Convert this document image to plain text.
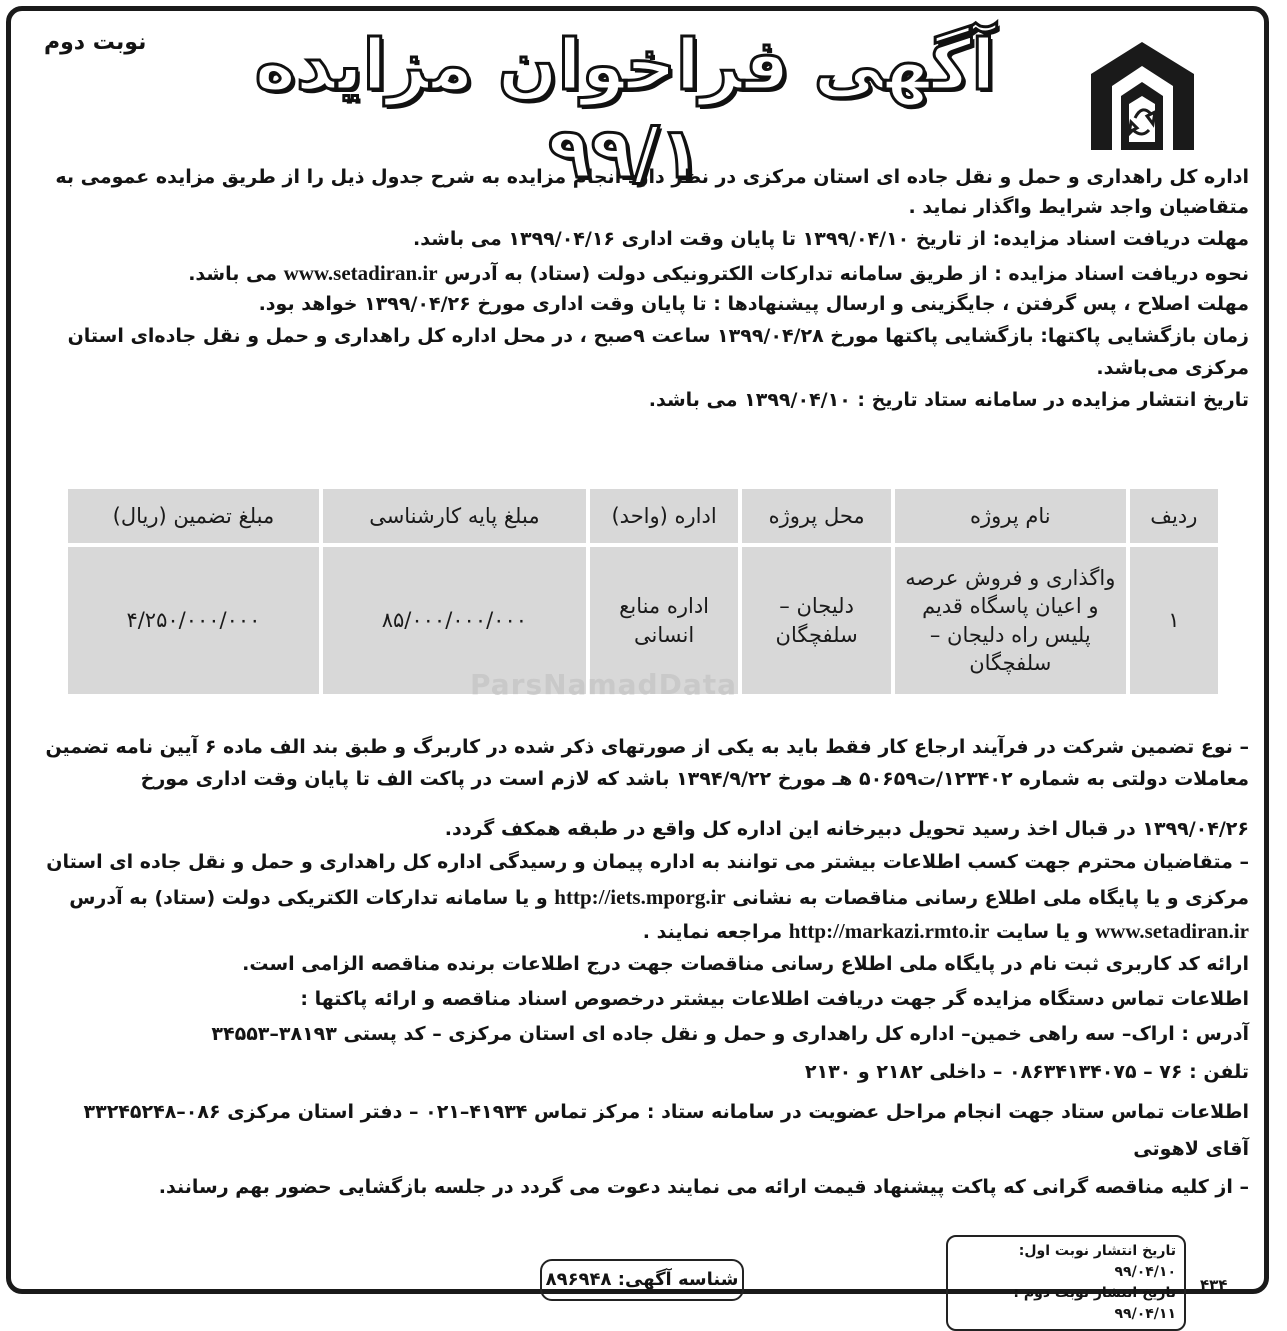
نوبت دوم	آگهی فراخوان مزایده ۹۹/۱
اداره کل راهداری و حمل و نقل جاده ای استان مرکزی در نظر دارد انجام مزایده به شرح جدول ذیل را از طریق مزایده عمومی به
متقاضیان واجد شرایط واگذار نماید .
مهلت دریافت اسناد مزایده: از تاریخ ۱۳۹۹/۰۴/۱۰ تا پایان وقت اداری ۱۳۹۹/۰۴/۱۶ می باشد.
نحوه دریافت اسناد مزایده : از طریق سامانه تدارکات الکترونیکی دولت (ستاد) به آدرس www.setadiran.ir می باشد.
مهلت اصلاح ، پس گرفتن ، جایگزینی و ارسال پیشنهادها : تا پایان وقت اداری مورخ ۱۳۹۹/۰۴/۲۶ خواهد بود.
زمان بازگشایی پاکتها: بازگشایی پاکتها مورخ ۱۳۹۹/۰۴/۲۸ ساعت ۹صبح ، در محل اداره کل راهداری و حمل و نقل جاده‌ای استان
مرکزی می‌باشد.
تاریخ انتشار مزایده در سامانه ستاد تاریخ : ۱۳۹۹/۰۴/۱۰ می باشد.
ردیف	نام پروژه	محل پروژه	اداره (واحد)	مبلغ پایه کارشناسی	مبلغ تضمین (ریال)
۱	واگذاری و فروش عرصه و اعیان پاسگاه قدیم پلیس راه دلیجان – سلفچگان	دلیجان – سلفچگان	اداره منابع انسانی	۸۵/۰۰۰/۰۰۰/۰۰۰	۴/۲۵۰/۰۰۰/۰۰۰
ParsNamadData
– نوع تضمین شرکت در فرآیند ارجاع کار فقط باید به یکی از صورتهای ذکر شده در کاربرگ و طبق بند الف ماده ۶ آیین نامه تضمین
معاملات دولتی به شماره ۱۲۳۴۰۲/ت۵۰۶۵۹ هـ مورخ ۱۳۹۴/۹/۲۲ باشد که لازم است در پاکت الف تا پایان وقت اداری مورخ
۱۳۹۹/۰۴/۲۶ در قبال اخذ رسید تحویل دبیرخانه این اداره کل واقع در طبقه همکف گردد.
– متقاضیان محترم جهت کسب اطلاعات بیشتر می توانند به اداره پیمان و رسیدگی اداره کل راهداری و حمل و نقل جاده ای استان
مرکزی و یا پایگاه ملی اطلاع رسانی مناقصات به نشانی http://iets.mporg.ir و یا سامانه تدارکات الکتریکی دولت (ستاد) به آدرس
www.setadiran.ir و یا سایت http://markazi.rmto.ir مراجعه نمایند .
ارائه کد کاربری ثبت نام در پایگاه ملی اطلاع رسانی مناقصات جهت درج اطلاعات برنده مناقصه الزامی است.
اطلاعات تماس دستگاه مزایده گر جهت دریافت اطلاعات بیشتر درخصوص اسناد مناقصه و ارائه پاکتها :
آدرس : اراک– سه راهی خمین– اداره کل راهداری و حمل و نقل جاده ای استان مرکزی – کد پستی ۳۸۱۹۳–۳۴۵۵۳
تلفن : ۷۶ – ۰۸۶۳۴۱۳۴۰۷۵ – داخلی ۲۱۸۲ و ۲۱۳۰
اطلاعات تماس ستاد جهت انجام مراحل عضویت در سامانه ستاد : مرکز تماس ۴۱۹۳۴–۰۲۱ – دفتر استان مرکزی ۰۸۶–۳۳۲۴۵۲۴۸
آقای لاهوتی
– از کلیه مناقصه گرانی که پاکت پیشنهاد قیمت ارائه می نمایند دعوت می گردد در جلسه بازگشایی حضور بهم رسانند.
تاریخ انتشار نوبت اول: ۹۹/۰۴/۱۰
تاریخ انتشار نوبت دوم : ۹۹/۰۴/۱۱
شناسه آگهی: ۸۹۶۹۴۸	۴۳۴
